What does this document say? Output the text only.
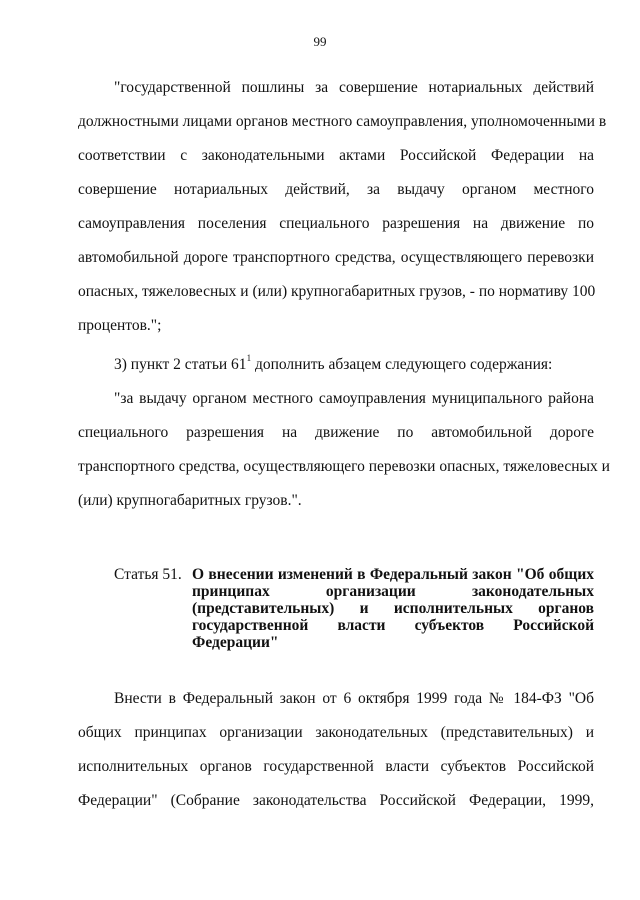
99
"государственной пошлины за совершение нотариальных действий
должностными лицами органов местного самоуправления, уполномоченными в
соответствии с законодательными актами Российской Федерации на
совершение нотариальных действий, за выдачу органом местного
самоуправления поселения специального разрешения на движение по
автомобильной дороге транспортного средства, осуществляющего перевозки
опасных, тяжеловесных и (или) крупногабаритных грузов, - по нормативу 100
процентов.";
3) пункт 2 статьи $61^1$ дополнить абзацем следующего содержания:
"за выдачу органом местного самоуправления муниципального района
специального разрешения на движение по автомобильной дороге
транспортного средства, осуществляющего перевозки опасных, тяжеловесных и
(или) крупногабаритных грузов.".
Статья 51. О внесении изменений в Федеральный закон "Об общих
принципах организации законодательных
(представительных) и исполнительных органов
государственной власти субъектов Российской
Федерации"
Внести в Федеральный закон от 6 октября 1999 года № 184-ФЗ "Об
общих принципах организации законодательных (представительных) и
исполнительных органов государственной власти субъектов Российской
Федерации" (Собрание законодательства Российской Федерации, 1999,
